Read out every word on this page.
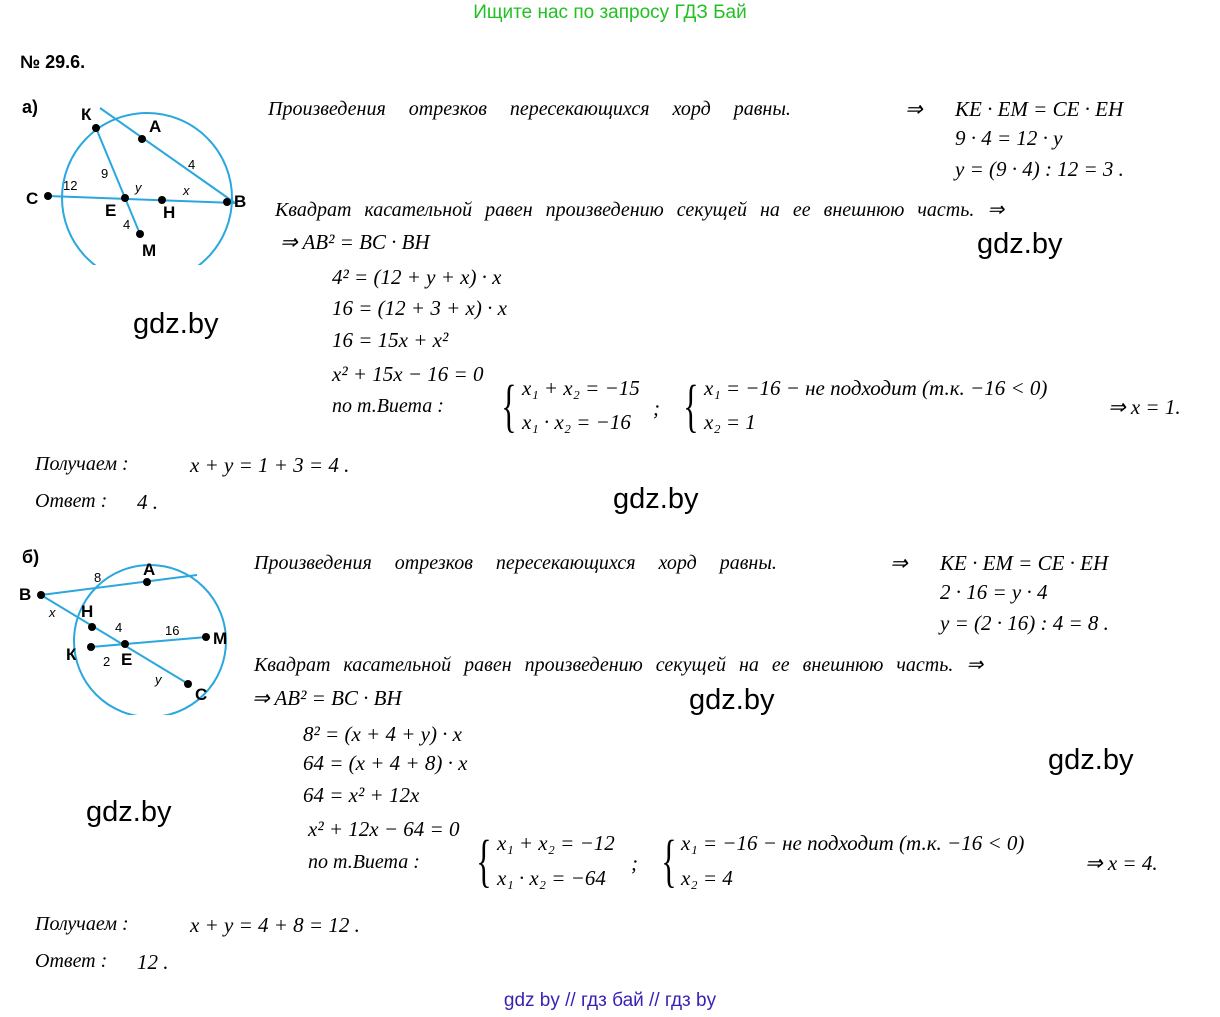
Ищите нас по запросу ГДЗ Бай
№ 29.6.
а)	К
А
С
Е	Н
В
М
9
4
12	y	x
4
Произведения отрезков пересекающихся хорд равны.	⇒ KE · EM = CE · EH
9 · 4 = 12 · y
y = (9 · 4) : 12 = 3 .
Квадрат касательной равен произведению секущей на ее внешнюю часть. ⇒
gdz.by
⇒ AB² = BC · BH
4² = (12 + y + x) · x
16 = (12 + 3 + x) · x
16 = 15x + x²
x² + 15x − 16 = 0
gdz.by
по т.Виета : { x₁ + x₂ = −15
x₁ · x₂ = −16
; { x₁ = −16 − не подходит (т.к. −16 < 0)
x₂ = 1
⇒ x = 1.
Получаем :	x + y = 1 + 3 = 4 .
Ответ : 4 .	gdz.by
б)
В
А
Н
К	Е
М
С
8
x
4
2
16
y
Произведения отрезков пересекающихся хорд равны.	⇒ KE · EM = CE · EH
2 · 16 = y · 4
y = (2 · 16) : 4 = 8 .
Квадрат касательной равен произведению секущей на ее внешнюю часть. ⇒
gdz.by
⇒ AB² = BC · BH
8² = (x + 4 + y) · x
64 = (x + 4 + 8) · x
64 = x² + 12x
x² + 12x − 64 = 0
gdz.by
gdz.by
по т.Виета : { x₁ + x₂ = −12
x₁ · x₂ = −64
; { x₁ = −16 − не подходит (т.к. −16 < 0)
x₂ = 4
⇒ x = 4.
Получаем :	x + y = 4 + 8 = 12 .
Ответ : 12 .
gdz by // гдз бай // гдз by
